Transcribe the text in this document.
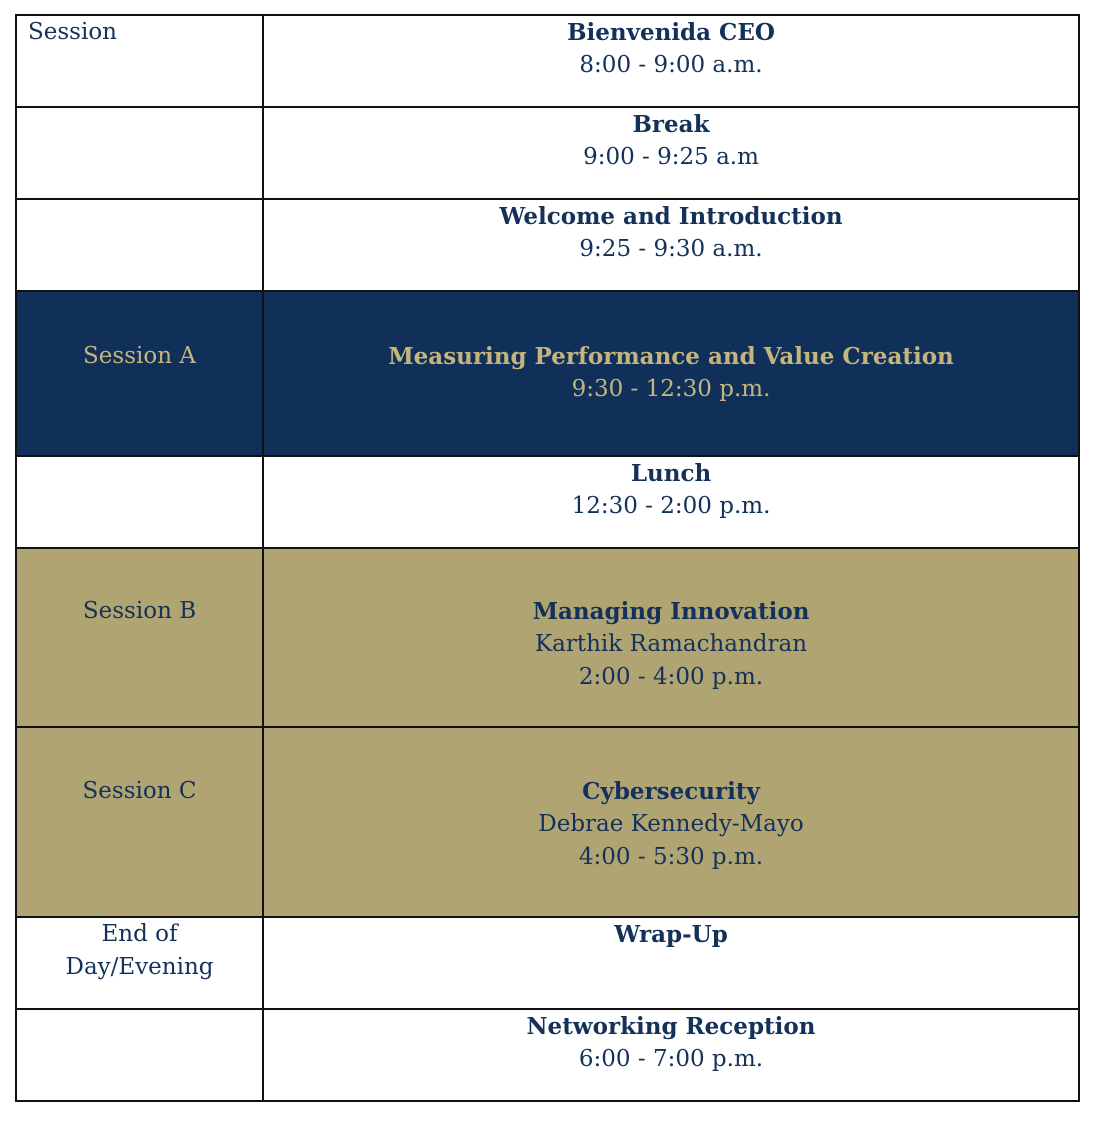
Session	Bienvenida CEO
8:00 - 9:00 a.m.

	Break
9:00 - 9:25 a.m

	Welcome and Introduction
9:25 - 9:30 a.m.

Session A	Measuring Performance and Value Creation
9:30 - 12:30 p.m.

	Lunch
12:30 - 2:00 p.m.

Session B	Managing Innovation
Karthik Ramachandran
2:00 - 4:00 p.m.

Session C	Cybersecurity
Debrae Kennedy-Mayo
4:00 - 5:30 p.m.

End of
Day/Evening	Wrap-Up

	Networking Reception
6:00 - 7:00 p.m.
